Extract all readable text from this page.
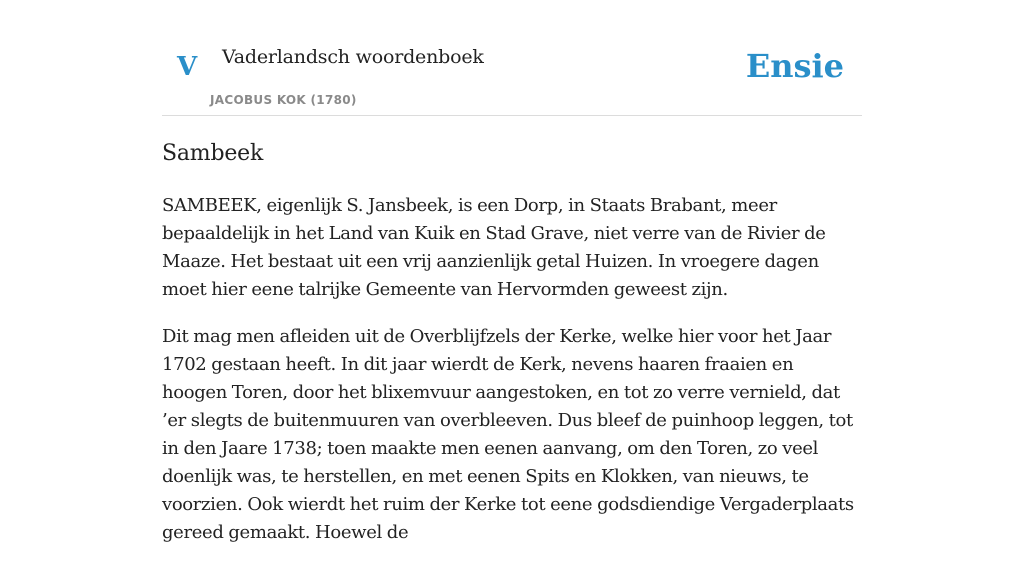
V Vaderlandsch woordenboek
JACOBUS KOK (1780)
Ensie
Sambeek

SAMBEEK, eigenlijk S. Jansbeek, is een Dorp, in Staats Brabant, meer bepaaldelijk in het Land van Kuik en Stad Grave, niet verre van de Rivier de Maaze. Het bestaat uit een vrij aanzienlijk getal Huizen. In vroegere dagen moet hier eene talrijke Gemeente van Hervormden geweest zijn.

Dit mag men afleiden uit de Overblijfzels der Kerke, welke hier voor het Jaar 1702 gestaan heeft. In dit jaar wierdt de Kerk, nevens haaren fraaien en hoogen Toren, door het blixemvuur aangestoken, en tot zo verre vernield, dat ’er slegts de buitenmuuren van overbleeven. Dus bleef de puinhoop leggen, tot in den Jaare 1738; toen maakte men eenen aanvang, om den Toren, zo veel doenlijk was, te herstellen, en met eenen Spits en Klokken, van nieuws, te voorzien. Ook wierdt het ruim der Kerke tot eene godsdiendige Vergaderplaats gereed gemaakt. Hoewel de
